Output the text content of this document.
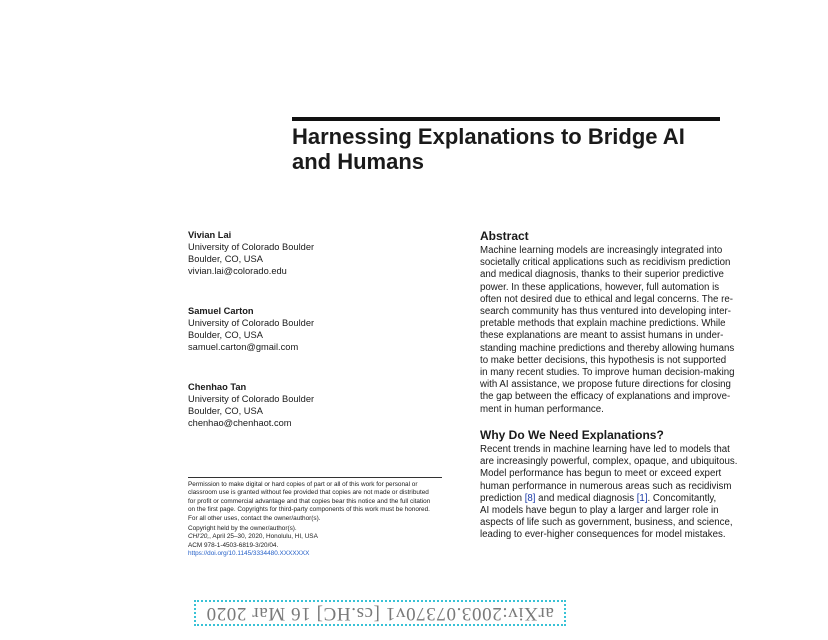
Harnessing Explanations to Bridge AI
and Humans
Vivian Lai
University of Colorado Boulder
Boulder, CO, USA
vivian.lai@colorado.edu
Samuel Carton
University of Colorado Boulder
Boulder, CO, USA
samuel.carton@gmail.com
Chenhao Tan
University of Colorado Boulder
Boulder, CO, USA
chenhao@chenhaot.com
Abstract
Machine learning models are increasingly integrated into
societally critical applications such as recidivism prediction
and medical diagnosis, thanks to their superior predictive
power. In these applications, however, full automation is
often not desired due to ethical and legal concerns. The re-
search community has thus ventured into developing inter-
pretable methods that explain machine predictions. While
these explanations are meant to assist humans in under-
standing machine predictions and thereby allowing humans
to make better decisions, this hypothesis is not supported
in many recent studies. To improve human decision-making
with AI assistance, we propose future directions for closing
the gap between the efficacy of explanations and improve-
ment in human performance.
Why Do We Need Explanations?
Recent trends in machine learning have led to models that
are increasingly powerful, complex, opaque, and ubiquitous.
Model performance has begun to meet or exceed expert
human performance in numerous areas such as recidivism
prediction [8] and medical diagnosis [1]. Concomitantly,
AI models have begun to play a larger and larger role in
aspects of life such as government, business, and science,
leading to ever-higher consequences for model mistakes.
Permission to make digital or hard copies of part or all of this work for personal or
classroom use is granted without fee provided that copies are not made or distributed
for profit or commercial advantage and that copies bear this notice and the full citation
on the first page. Copyrights for third-party components of this work must be honored.
For all other uses, contact the owner/author(s).
Copyright held by the owner/author(s).
CHI'20,, April 25–30, 2020, Honolulu, HI, USA
ACM 978-1-4503-6819-3/20/04.
https://doi.org/10.1145/3334480.XXXXXXX
arXiv:2003.07370v1 [cs.HC] 16 Mar 2020
